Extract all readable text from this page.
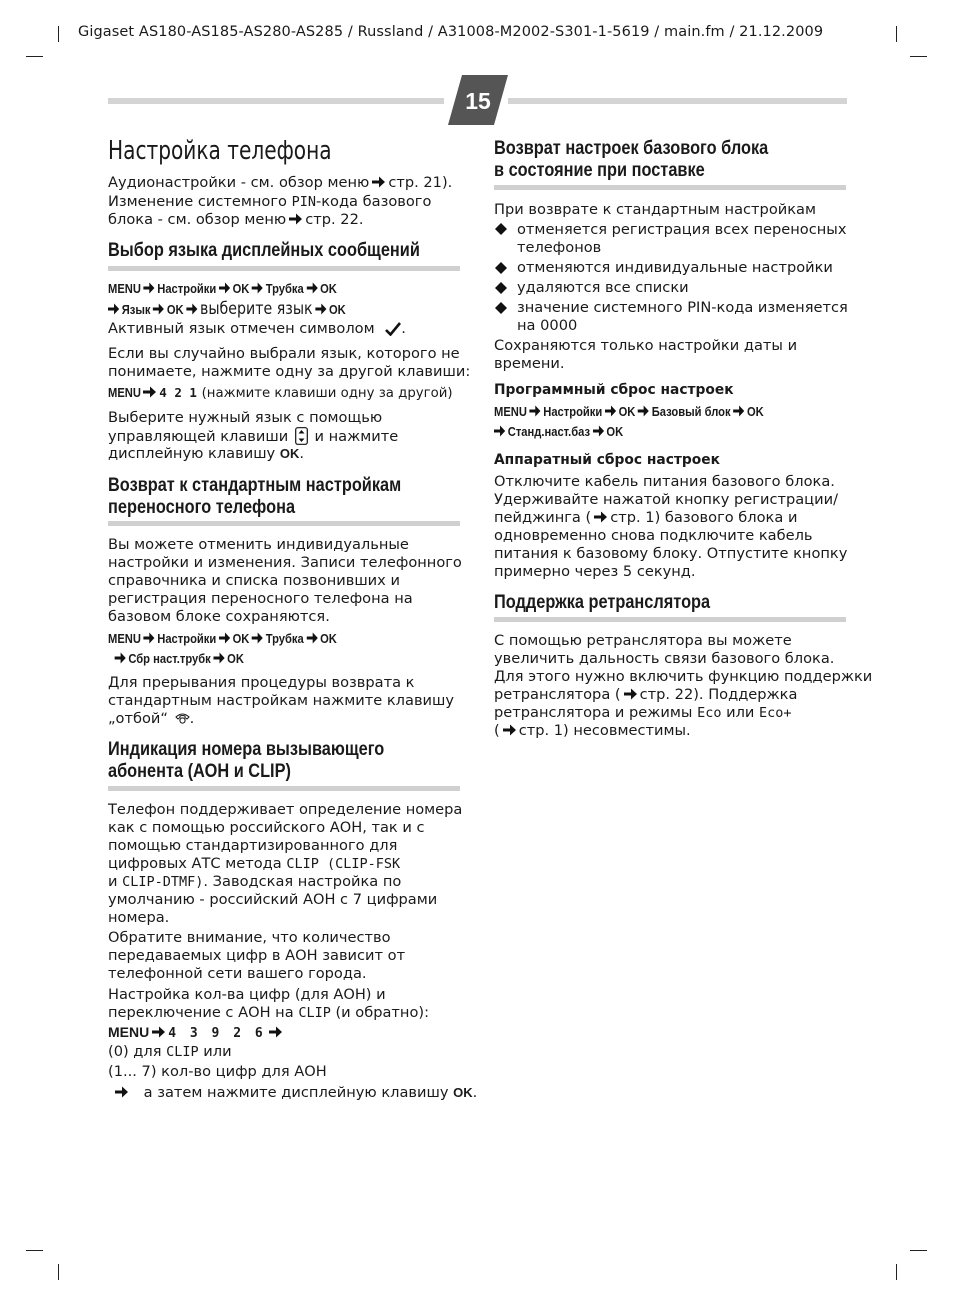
Gigaset AS180-AS185-AS280-AS285 / Russland / A31008-M2002-S301-1-5619 / main.fm / 21.12.2009
15
Настройка телефона
Аудионастройки - см. обзор меню стр. 21).
Изменение системного PIN-кода базового
блока - см. обзор меню стр. 22.
Выбор языка дисплейных сообщений
MENU Настройки OK Трубка OK
Язык OK выберите язык OK
Активный язык отмечен символом .
Если вы случайно выбрали язык, которого не
понимаете, нажмите одну за другой клавиши:
MENU 4 2 1 (нажмите клавиши одну за другой)
Выберите нужный язык с помощью
управляющей клавиши и нажмите
дисплейную клавишу OK.
Возврат к стандартным настройкам
переносного телефона
Вы можете отменить индивидуальные
настройки и изменения. Записи телефонного
справочника и списка позвонивших и
регистрация переносного телефона на
базовом блоке сохраняются.
MENU Настройки OK Трубка OK
Сбр наст.трубк OK
Для прерывания процедуры возврата к
стандартным настройкам нажмите клавишу
„отбой“ .
Индикация номера вызывающего
абонента (АОН и CLIP)
Телефон поддерживает определение номера
как с помощью российского АОН, так и с
помощью стандартизированного для
цифровых АТС метода CLIP (CLIP-FSK
и CLIP-DTMF). Заводская настройка по
умолчанию - российский АОН с 7 цифрами
номера.
Обратите внимание, что количество
передаваемых цифр в АОН зависит от
телефонной сети вашего города.
Настройка кол-ва цифр (для АОН) и
переключение с АОН на CLIP (и обратно):
MENU 4 3 9 2 6
(0) для CLIP или
(1... 7) кол-во цифр для АОН
а затем нажмите дисплейную клавишу OK.
Возврат настроек базового блока
в состояние при поставке
При возврате к стандартным настройкам
отменяется регистрация всех переносных
телефонов
отменяются индивидуальные настройки
удаляются все списки
значение системного PIN-кода изменяется
на 0000
Сохраняются только настройки даты и
времени.
Программный сброс настроек
MENU Настройки OK Базовый блок OK
Станд.наст.баз OK
Аппаратный сброс настроек
Отключите кабель питания базового блока.
Удерживайте нажатой кнопку регистрации/
пейджинга ( стр. 1) базового блока и
одновременно снова подключите кабель
питания к базовому блоку. Отпустите кнопку
примерно через 5 секунд.
Поддержка ретранслятора
С помощью ретранслятора вы можете
увеличить дальность связи базового блока.
Для этого нужно включить функцию поддержки
ретранслятора ( стр. 22). Поддержка
ретранслятора и режимы Eco или Eco+
( стр. 1) несовместимы.
